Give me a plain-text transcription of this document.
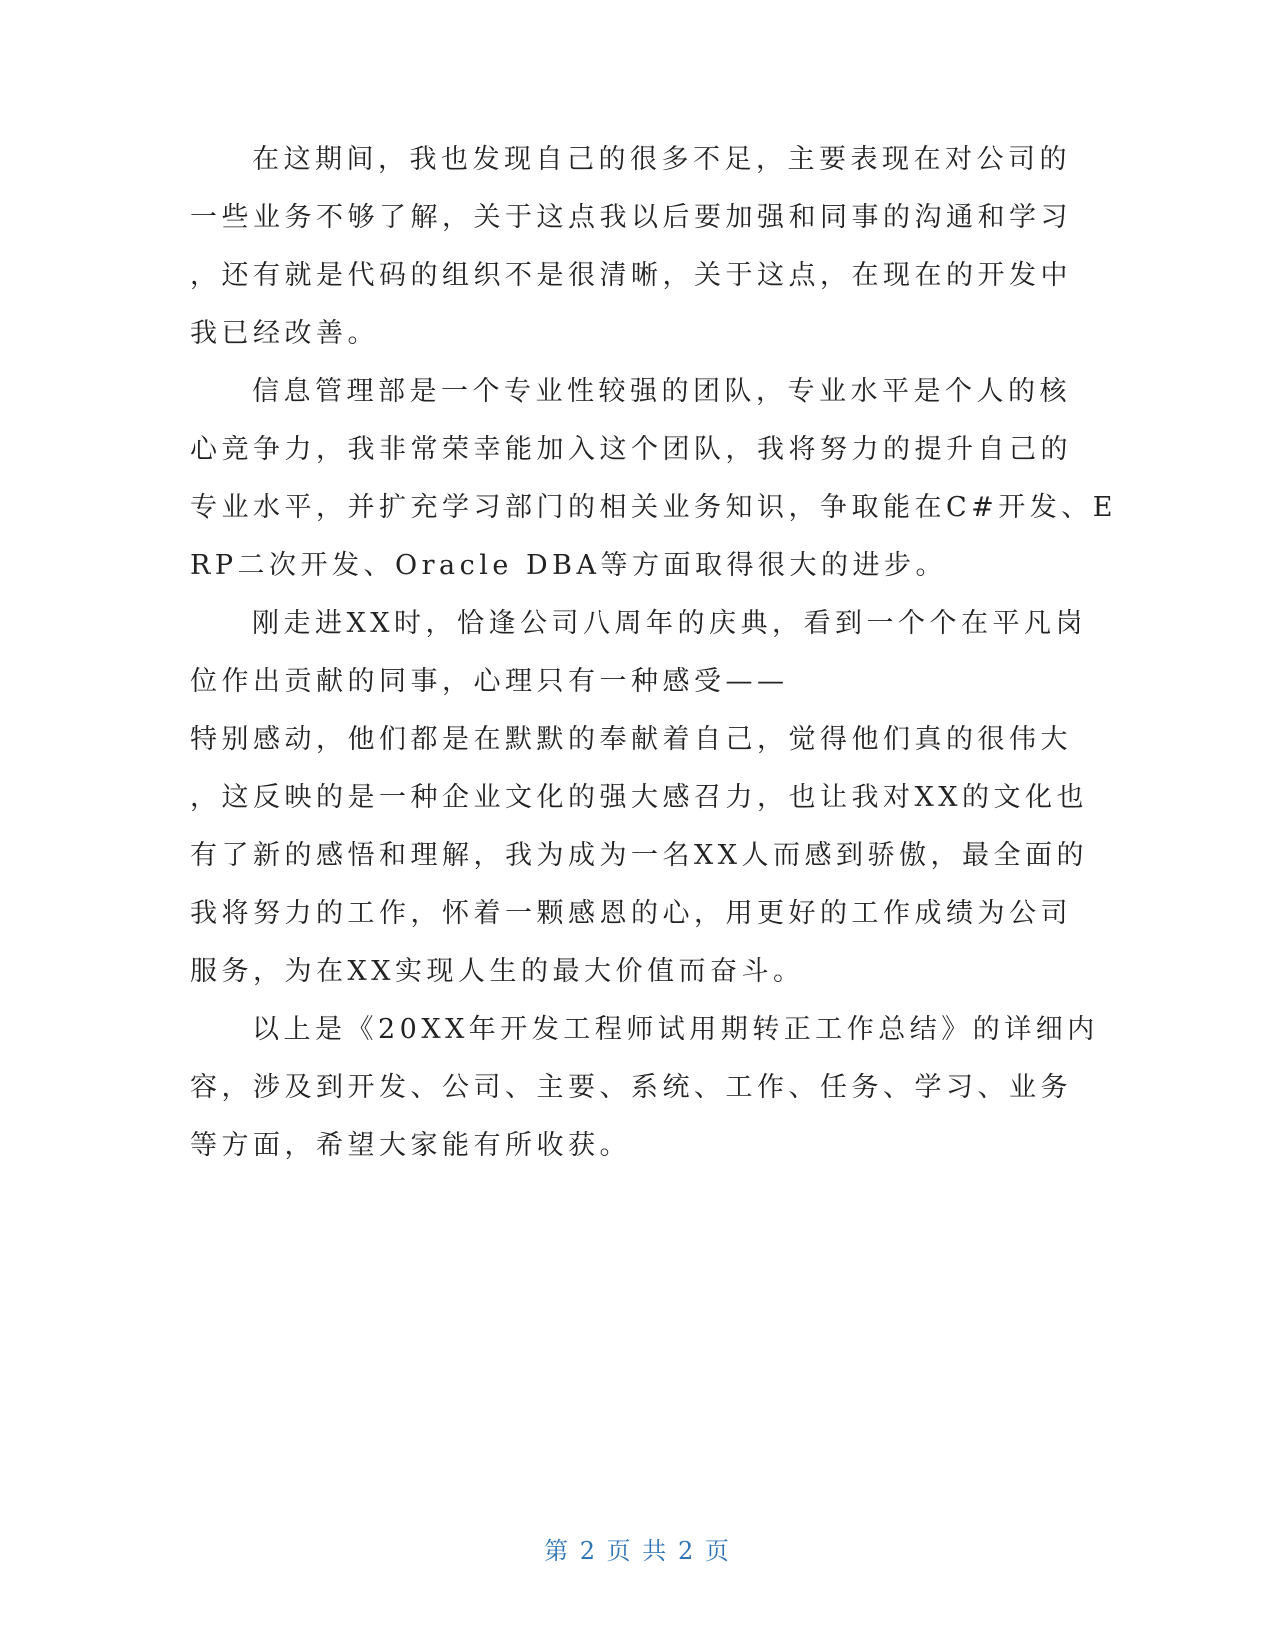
在这期间，我也发现自己的很多不足，主要表现在对公司的
一些业务不够了解，关于这点我以后要加强和同事的沟通和学习
，还有就是代码的组织不是很清晰，关于这点，在现在的开发中
我已经改善。
信息管理部是一个专业性较强的团队，专业水平是个人的核
心竞争力，我非常荣幸能加入这个团队，我将努力的提升自己的
专业水平，并扩充学习部门的相关业务知识，争取能在C#开发、E
RP二次开发、Oracle DBA等方面取得很大的进步。
刚走进XX时，恰逢公司八周年的庆典，看到一个个在平凡岗
位作出贡献的同事，心理只有一种感受——
特别感动，他们都是在默默的奉献着自己，觉得他们真的很伟大
，这反映的是一种企业文化的强大感召力，也让我对XX的文化也
有了新的感悟和理解，我为成为一名XX人而感到骄傲，最全面的
我将努力的工作，怀着一颗感恩的心，用更好的工作成绩为公司
服务，为在XX实现人生的最大价值而奋斗。
以上是《20XX年开发工程师试用期转正工作总结》的详细内
容，涉及到开发、公司、主要、系统、工作、任务、学习、业务
等方面，希望大家能有所收获。
第 2 页 共 2 页
